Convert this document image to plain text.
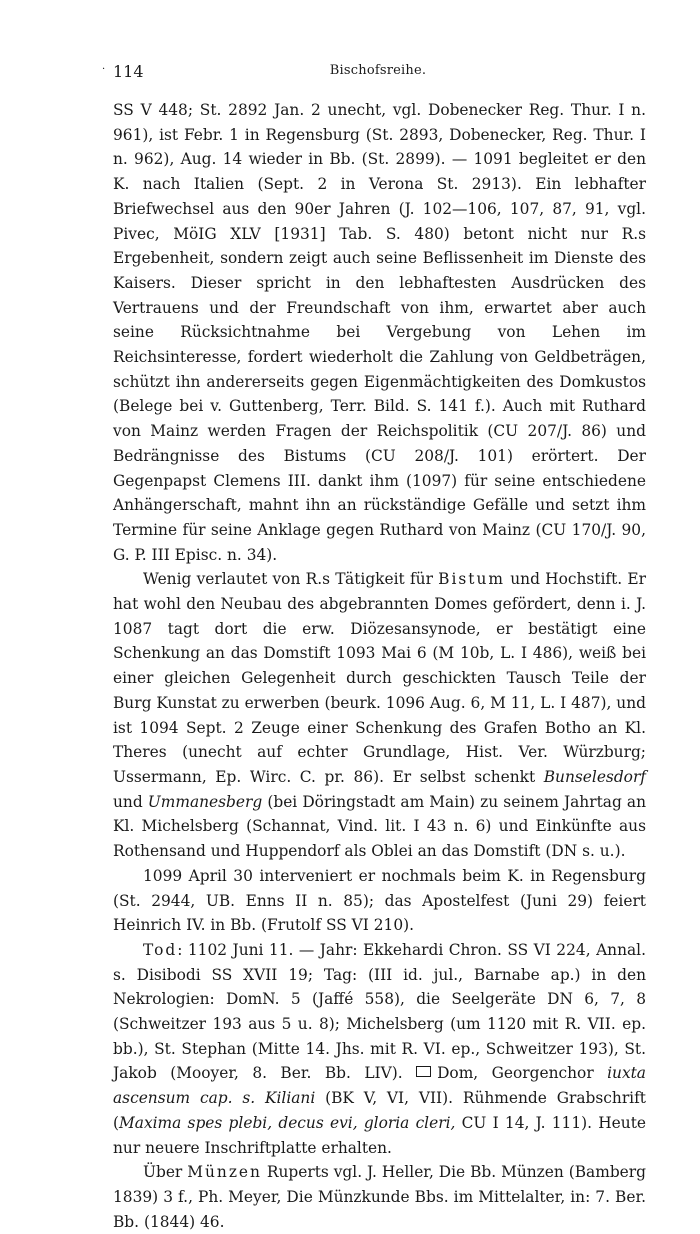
· 114	Bischofsreihe.

SS V 448; St. 2892 Jan. 2 unecht, vgl. Dobenecker Reg. Thur. I n. 961), ist Febr. 1 in Regensburg (St. 2893, Dobenecker, Reg. Thur. I n. 962), Aug. 14 wieder in Bb. (St. 2899). — 1091 begleitet er den K. nach Italien (Sept. 2 in Verona St. 2913). Ein lebhafter Briefwechsel aus den 90er Jahren (J. 102—106, 107, 87, 91, vgl. Pivec, MöIG XLV [1931] Tab. S. 480) betont nicht nur R.s Ergebenheit, sondern zeigt auch seine Beflissenheit im Dienste des Kaisers. Dieser spricht in den lebhaftesten Ausdrücken des Vertrauens und der Freundschaft von ihm, erwartet aber auch seine Rücksichtnahme bei Vergebung von Lehen im Reichsinteresse, fordert wiederholt die Zahlung von Geldbeträgen, schützt ihn andererseits gegen Eigenmächtigkeiten des Domkustos (Belege bei v. Guttenberg, Terr. Bild. S. 141 f.). Auch mit Ruthard von Mainz werden Fragen der Reichspolitik (CU 207/J. 86) und Bedrängnisse des Bistums (CU 208/J. 101) erörtert. Der Gegenpapst Clemens III. dankt ihm (1097) für seine entschiedene Anhängerschaft, mahnt ihn an rückständige Gefälle und setzt ihm Termine für seine Anklage gegen Ruthard von Mainz (CU 170/J. 90, G. P. III Episc. n. 34).

Wenig verlautet von R.s Tätigkeit für Bistum und Hochstift. Er hat wohl den Neubau des abgebrannten Domes gefördert, denn i. J. 1087 tagt dort die erw. Diözesansynode, er bestätigt eine Schenkung an das Domstift 1093 Mai 6 (M 10b, L. I 486), weiß bei einer gleichen Gelegenheit durch geschickten Tausch Teile der Burg Kunstat zu erwerben (beurk. 1096 Aug. 6, M 11, L. I 487), und ist 1094 Sept. 2 Zeuge einer Schenkung des Grafen Botho an Kl. Theres (unecht auf echter Grundlage, Hist. Ver. Würzburg; Ussermann, Ep. Wirc. C. pr. 86). Er selbst schenkt Bunselesdorf und Ummanesberg (bei Döringstadt am Main) zu seinem Jahrtag an Kl. Michelsberg (Schannat, Vind. lit. I 43 n. 6) und Einkünfte aus Rothensand und Huppendorf als Oblei an das Domstift (DN s. u.).

1099 April 30 interveniert er nochmals beim K. in Regensburg (St. 2944, UB. Enns II n. 85); das Apostelfest (Juni 29) feiert Heinrich IV. in Bb. (Frutolf SS VI 210).

Tod: 1102 Juni 11. — Jahr: Ekkehardi Chron. SS VI 224, Annal. s. Disibodi SS XVII 19; Tag: (III id. jul., Barnabe ap.) in den Nekrologien: DomN. 5 (Jaffé 558), die Seelgeräte DN 6, 7, 8 (Schweitzer 193 aus 5 u. 8); Michelsberg (um 1120 mit R. VII. ep. bb.), St. Stephan (Mitte 14. Jhs. mit R. VI. ep., Schweitzer 193), St. Jakob (Mooyer, 8. Ber. Bb. LIV). Dom, Georgenchor iuxta ascensum cap. s. Kiliani (BK V, VI, VII). Rühmende Grabschrift (Maxima spes plebi, decus evi, gloria cleri, CU I 14, J. 111). Heute nur neuere Inschriftplatte erhalten.

Über Münzen Ruperts vgl. J. Heller, Die Bb. Münzen (Bamberg 1839) 3 f., Ph. Meyer, Die Münzkunde Bbs. im Mittelalter, in: 7. Ber. Bb. (1844) 46.
